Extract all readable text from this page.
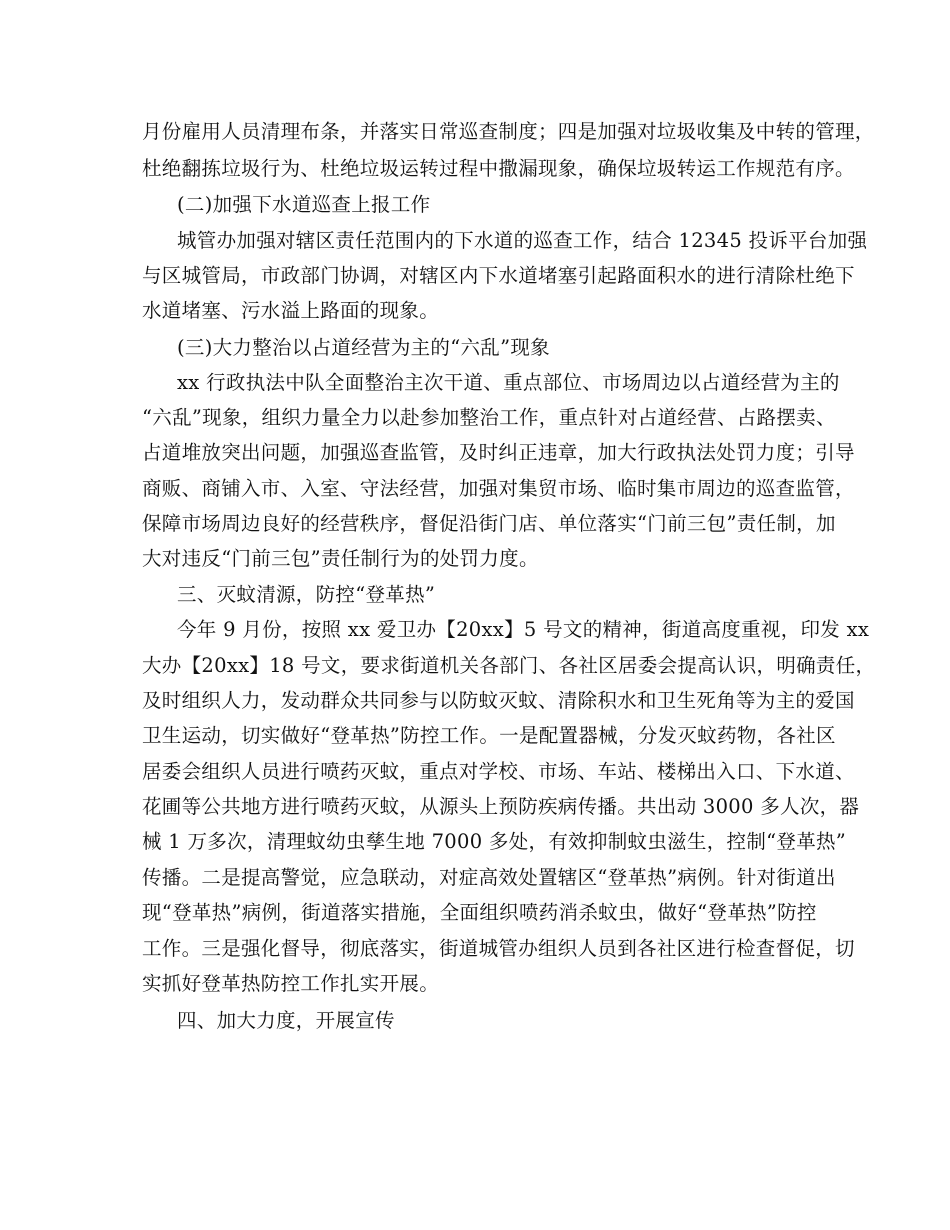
月份雇用人员清理布条，并落实日常巡查制度；四是加强对垃圾收集及中转的管理，
杜绝翻拣垃圾行为、杜绝垃圾运转过程中撒漏现象，确保垃圾转运工作规范有序。
(二)加强下水道巡查上报工作
城管办加强对辖区责任范围内的下水道的巡查工作，结合 12345 投诉平台加强
与区城管局，市政部门协调，对辖区内下水道堵塞引起路面积水的进行清除杜绝下
水道堵塞、污水溢上路面的现象。
(三)大力整治以占道经营为主的“六乱”现象
xx 行政执法中队全面整治主次干道、重点部位、市场周边以占道经营为主的
“六乱”现象，组织力量全力以赴参加整治工作，重点针对占道经营、占路摆卖、
占道堆放突出问题，加强巡查监管，及时纠正违章，加大行政执法处罚力度；引导
商贩、商铺入市、入室、守法经营，加强对集贸市场、临时集市周边的巡查监管，
保障市场周边良好的经营秩序，督促沿街门店、单位落实“门前三包”责任制，加
大对违反“门前三包”责任制行为的处罚力度。
三、灭蚊清源，防控“登革热”
今年 9 月份，按照 xx 爱卫办【20xx】5 号文的精神，街道高度重视，印发 xx
大办【20xx】18 号文，要求街道机关各部门、各社区居委会提高认识，明确责任，
及时组织人力，发动群众共同参与以防蚊灭蚊、清除积水和卫生死角等为主的爱国
卫生运动，切实做好“登革热”防控工作。一是配置器械，分发灭蚊药物，各社区
居委会组织人员进行喷药灭蚊，重点对学校、市场、车站、楼梯出入口、下水道、
花圃等公共地方进行喷药灭蚊，从源头上预防疾病传播。共出动 3000 多人次，器
械 1 万多次，清理蚊幼虫孳生地 7000 多处，有效抑制蚊虫滋生，控制“登革热”
传播。二是提高警觉，应急联动，对症高效处置辖区“登革热”病例。针对街道出
现“登革热”病例，街道落实措施，全面组织喷药消杀蚊虫，做好“登革热”防控
工作。三是强化督导，彻底落实，街道城管办组织人员到各社区进行检查督促，切
实抓好登革热防控工作扎实开展。
四、加大力度，开展宣传
